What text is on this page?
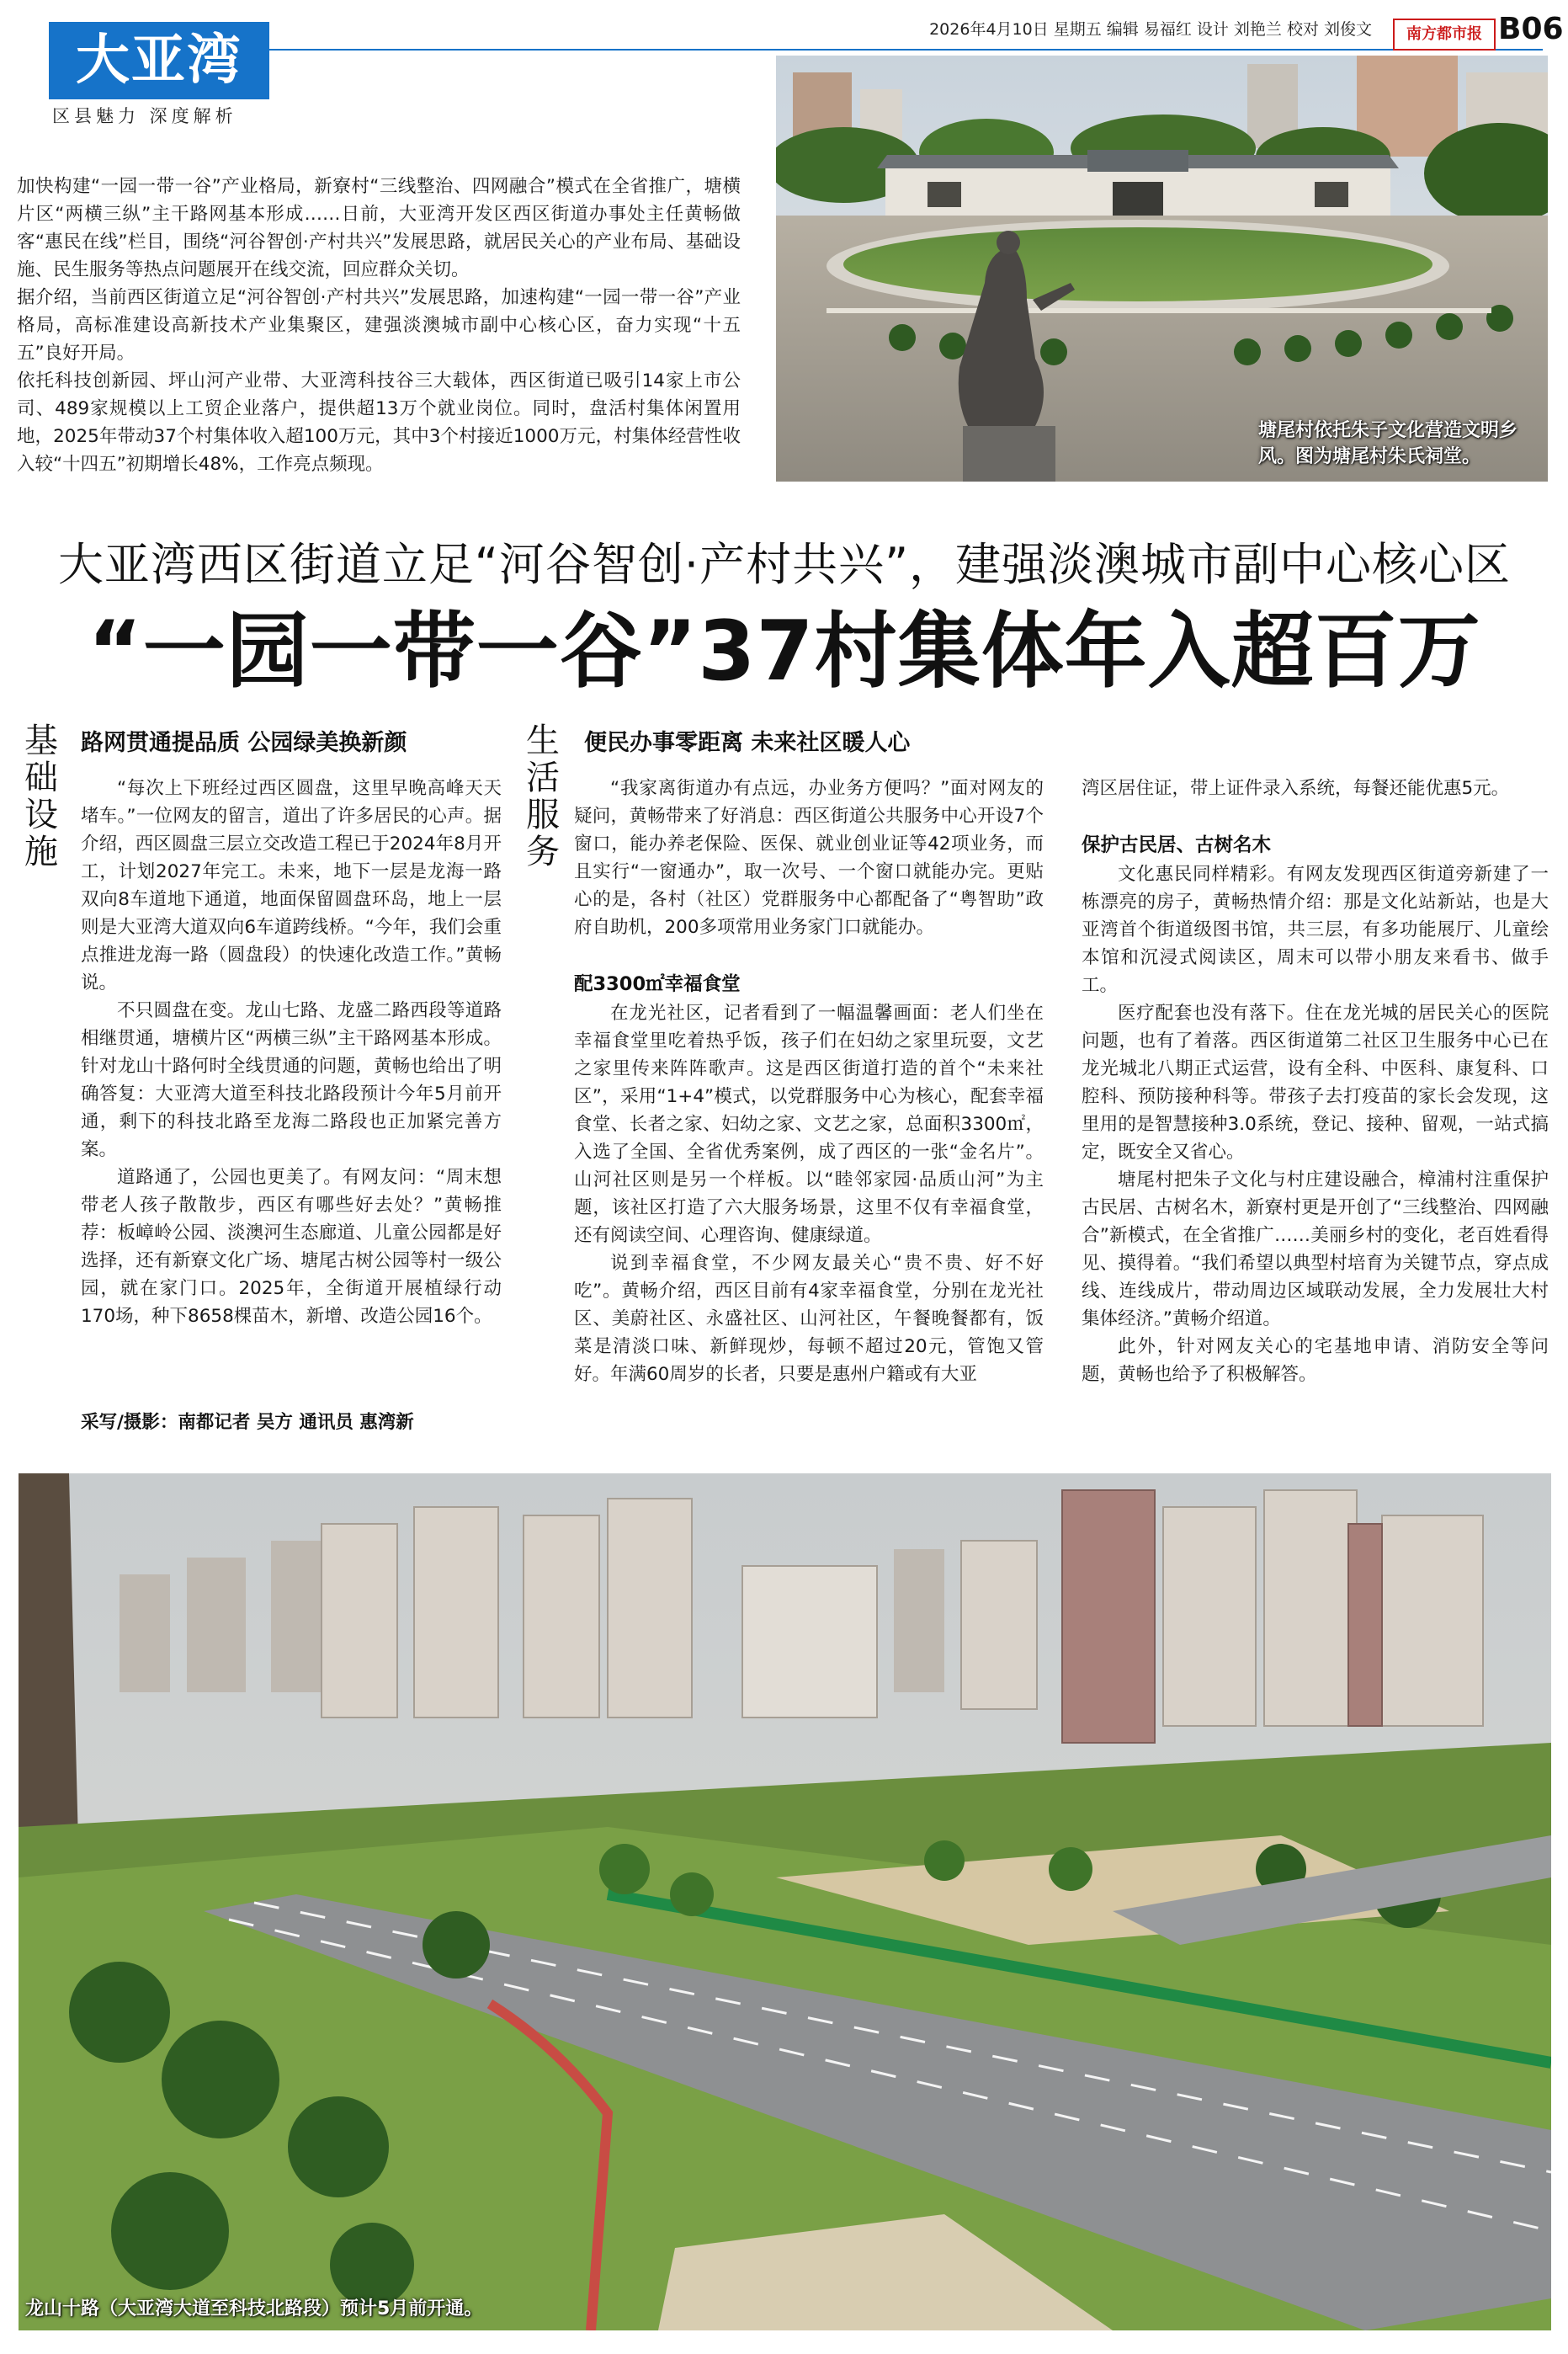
大亚湾
区县魅力 深度解析
2026年4月10日 星期五 编辑 易福红 设计 刘艳兰 校对 刘俊文	南方都市报 B06

加快构建“一园一带一谷”产业格局，新寮村“三线整治、四网融合”模式在全省推广，塘横片区“两横三纵”主干路网基本形成……日前，大亚湾开发区西区街道办事处主任黄畅做客“惠民在线”栏目，围绕“河谷智创·产村共兴”发展思路，就居民关心的产业布局、基础设施、民生服务等热点问题展开在线交流，回应群众关切。

据介绍，当前西区街道立足“河谷智创·产村共兴”发展思路，加速构建“一园一带一谷”产业格局，高标准建设高新技术产业集聚区，建强淡澳城市副中心核心区，奋力实现“十五五”良好开局。

依托科技创新园、坪山河产业带、大亚湾科技谷三大载体，西区街道已吸引14家上市公司、489家规模以上工贸企业落户，提供超13万个就业岗位。同时，盘活村集体闲置用地，2025年带动37个村集体收入超100万元，其中3个村接近1000万元，村集体经营性收入较“十四五”初期增长48%，工作亮点频现。

塘尾村依托朱子文化营造文明乡风。图为塘尾村朱氏祠堂。
大亚湾西区街道立足“河谷智创·产村共兴”，建强淡澳城市副中心核心区
“一园一带一谷”37村集体年入超百万
基
础
设
施
路网贯通提品质 公园绿美换新颜	生
活
服
务
便民办事零距离 未来社区暖人心

“每次上下班经过西区圆盘，这里早晚高峰天天堵车。”一位网友的留言，道出了许多居民的心声。据介绍，西区圆盘三层立交改造工程已于2024年8月开工，计划2027年完工。未来，地下一层是龙海一路双向8车道地下通道，地面保留圆盘环岛，地上一层则是大亚湾大道双向6车道跨线桥。“今年，我们会重点推进龙海一路（圆盘段）的快速化改造工作。”黄畅说。

不只圆盘在变。龙山七路、龙盛二路西段等道路相继贯通，塘横片区“两横三纵”主干路网基本形成。针对龙山十路何时全线贯通的问题，黄畅也给出了明确答复：大亚湾大道至科技北路段预计今年5月前开通，剩下的科技北路至龙海二路段也正加紧完善方案。

道路通了，公园也更美了。有网友问：“周末想带老人孩子散散步，西区有哪些好去处？”黄畅推荐：板嶂岭公园、淡澳河生态廊道、儿童公园都是好选择，还有新寮文化广场、塘尾古树公园等村一级公园，就在家门口。2025年，全街道开展植绿行动170场，种下8658棵苗木，新增、改造公园16个。

采写/摄影：南都记者 吴方 通讯员 惠湾新

“我家离街道办有点远，办业务方便吗？”面对网友的疑问，黄畅带来了好消息：西区街道公共服务中心开设7个窗口，能办养老保险、医保、就业创业证等42项业务，而且实行“一窗通办”，取一次号、一个窗口就能办完。更贴心的是，各村（社区）党群服务中心都配备了“粤智助”政府自助机，200多项常用业务家门口就能办。

配3300㎡幸福食堂

在龙光社区，记者看到了一幅温馨画面：老人们坐在幸福食堂里吃着热乎饭，孩子们在妇幼之家里玩耍，文艺之家里传来阵阵歌声。这是西区街道打造的首个“未来社区”，采用“1+4”模式，以党群服务中心为核心，配套幸福食堂、长者之家、妇幼之家、文艺之家，总面积3300㎡，入选了全国、全省优秀案例，成了西区的一张“金名片”。山河社区则是另一个样板。以“睦邻家园·品质山河”为主题，该社区打造了六大服务场景，这里不仅有幸福食堂，还有阅读空间、心理咨询、健康绿道。

说到幸福食堂，不少网友最关心“贵不贵、好不好吃”。黄畅介绍，西区目前有4家幸福食堂，分别在龙光社区、美蔚社区、永盛社区、山河社区，午餐晚餐都有，饭菜是清淡口味、新鲜现炒，每顿不超过20元，管饱又管好。年满60周岁的长者，只要是惠州户籍或有大亚

湾区居住证，带上证件录入系统，每餐还能优惠5元。

保护古民居、古树名木

文化惠民同样精彩。有网友发现西区街道旁新建了一栋漂亮的房子，黄畅热情介绍：那是文化站新站，也是大亚湾首个街道级图书馆，共三层，有多功能展厅、儿童绘本馆和沉浸式阅读区，周末可以带小朋友来看书、做手工。

医疗配套也没有落下。住在龙光城的居民关心的医院问题，也有了着落。西区街道第二社区卫生服务中心已在龙光城北八期正式运营，设有全科、中医科、康复科、口腔科、预防接种科等。带孩子去打疫苗的家长会发现，这里用的是智慧接种3.0系统，登记、接种、留观，一站式搞定，既安全又省心。

塘尾村把朱子文化与村庄建设融合，樟浦村注重保护古民居、古树名木，新寮村更是开创了“三线整治、四网融合”新模式，在全省推广……美丽乡村的变化，老百姓看得见、摸得着。“我们希望以典型村培育为关键节点，穿点成线、连线成片，带动周边区域联动发展，全力发展壮大村集体经济。”黄畅介绍道。

此外，针对网友关心的宅基地申请、消防安全等问题，黄畅也给予了积极解答。

龙山十路（大亚湾大道至科技北路段）预计5月前开通。
